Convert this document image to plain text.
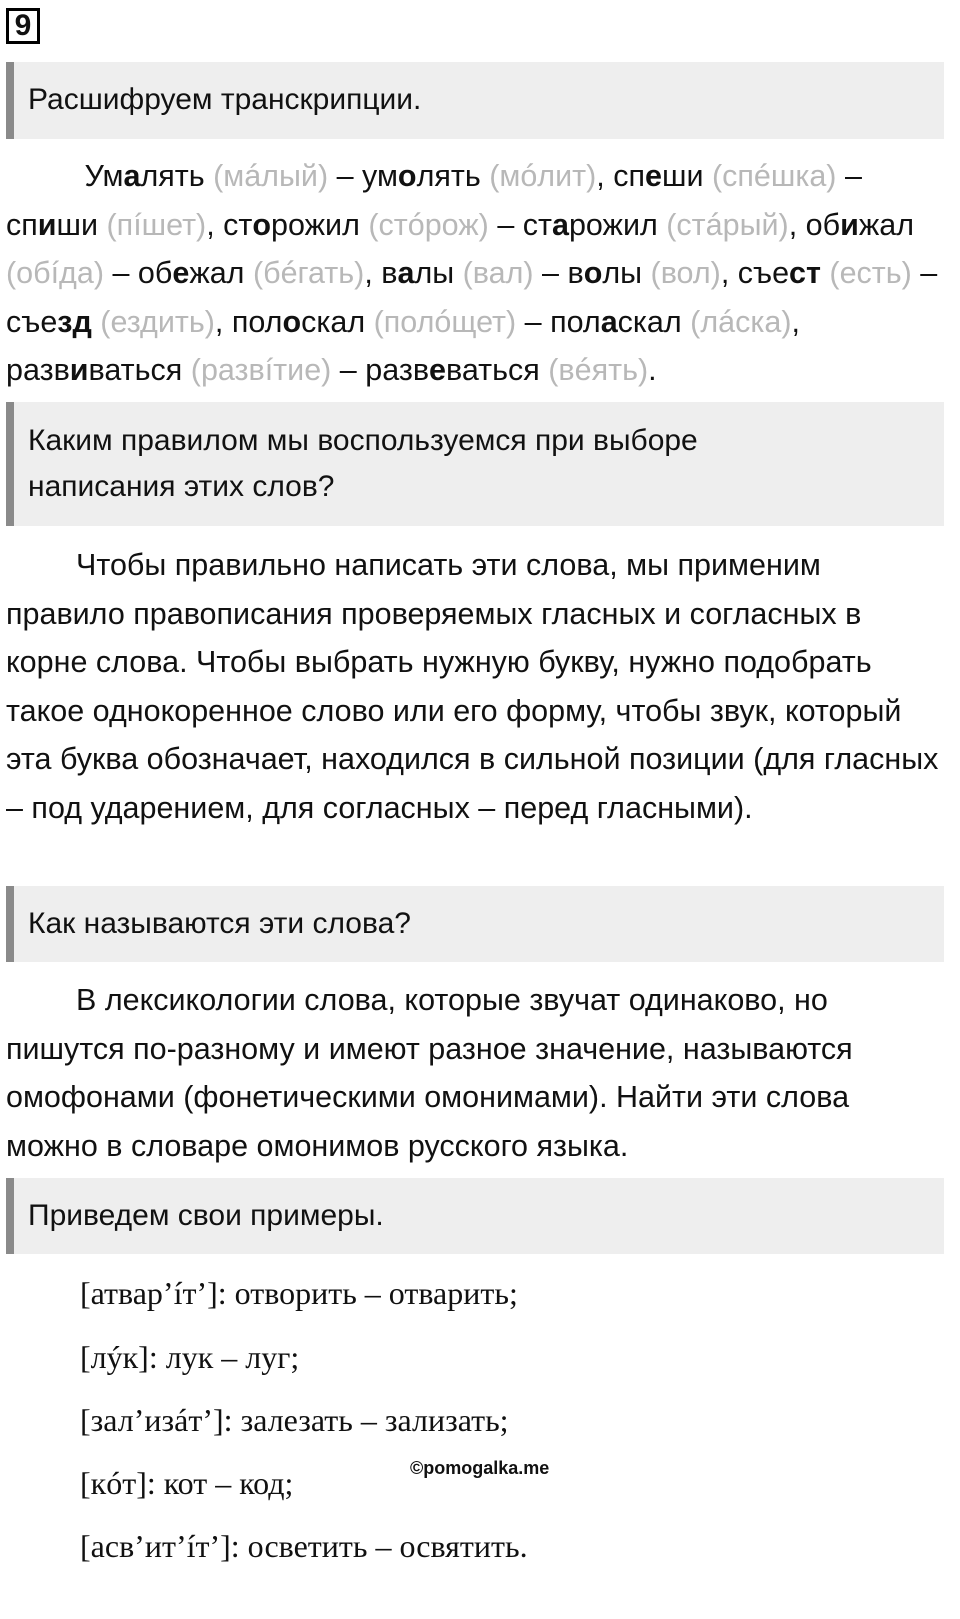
9
Расшифруем транскрипции.
Умалять (мáлый) – умолять (мóлит), спеши (спéшка) – спиши (пíшет), сторожил (стóрож) – старожил (стáрый), обижал (обíда) – обежал (бéгать), валы (вал) – волы (вол), съест (есть) – съезд (ездить), полоскал (полóщет) – поласкал (лáска), развиваться (развíтие) – развеваться (вéять).
Каким правилом мы воспользуемся при выборе написания этих слов?
Чтобы правильно написать эти слова, мы применим правило правописания проверяемых гласных и согласных в корне слова. Чтобы выбрать нужную букву, нужно подобрать такое однокоренное слово или его форму, чтобы звук, который эта буква обозначает, находился в сильной позиции (для гласных – под ударением, для согласных – перед гласными).
Как называются эти слова?
В лексикологии слова, которые звучат одинаково, но пишутся по-разному и имеют разное значение, называются омофонами (фонетическими омонимами). Найти эти слова можно в словаре омонимов русского языка.
Приведем свои примеры.
[атвар’íт’]: отворить – отварить;
[лýк]: лук – луг;
[зал’изáт’]: залезать – зализать;
[кóт]: кот – код;
[асв’ит’íт’]: осветить – освятить.
©pomogalka.me
